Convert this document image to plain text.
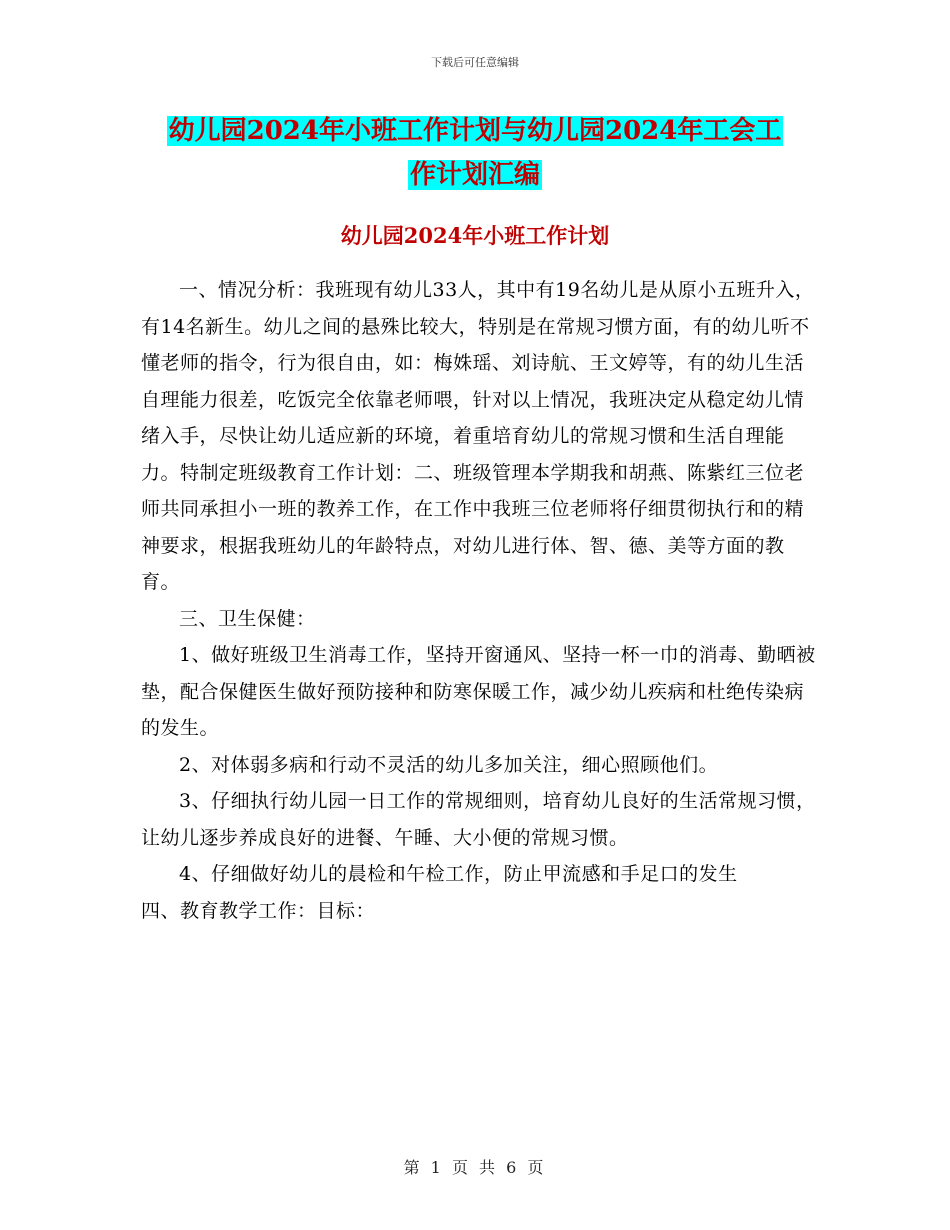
下载后可任意编辑
幼儿园2024年小班工作计划与幼儿园2024年工会工
作计划汇编
幼儿园2024年小班工作计划

一、情况分析：我班现有幼儿33人，其中有19名幼儿是从原小五班升入，有14名新生。幼儿之间的悬殊比较大，特别是在常规习惯方面，有的幼儿听不懂老师的指令，行为很自由，如：梅姝瑶、刘诗航、王文婷等，有的幼儿生活自理能力很差，吃饭完全依靠老师喂，针对以上情况，我班决定从稳定幼儿情绪入手，尽快让幼儿适应新的环境，着重培育幼儿的常规习惯和生活自理能力。特制定班级教育工作计划：二、班级管理本学期我和胡燕、陈紫红三位老师共同承担小一班的教养工作，在工作中我班三位老师将仔细贯彻执行和的精神要求，根据我班幼儿的年龄特点，对幼儿进行体、智、德、美等方面的教育。

三、卫生保健：

1、做好班级卫生消毒工作，坚持开窗通风、坚持一杯一巾的消毒、勤晒被垫，配合保健医生做好预防接种和防寒保暖工作，减少幼儿疾病和杜绝传染病的发生。

2、对体弱多病和行动不灵活的幼儿多加关注，细心照顾他们。

3、仔细执行幼儿园一日工作的常规细则，培育幼儿良好的生活常规习惯，让幼儿逐步养成良好的进餐、午睡、大小便的常规习惯。

4、仔细做好幼儿的晨检和午检工作，防止甲流感和手足口的发生

四、教育教学工作：目标：

第 1 页 共 6 页
